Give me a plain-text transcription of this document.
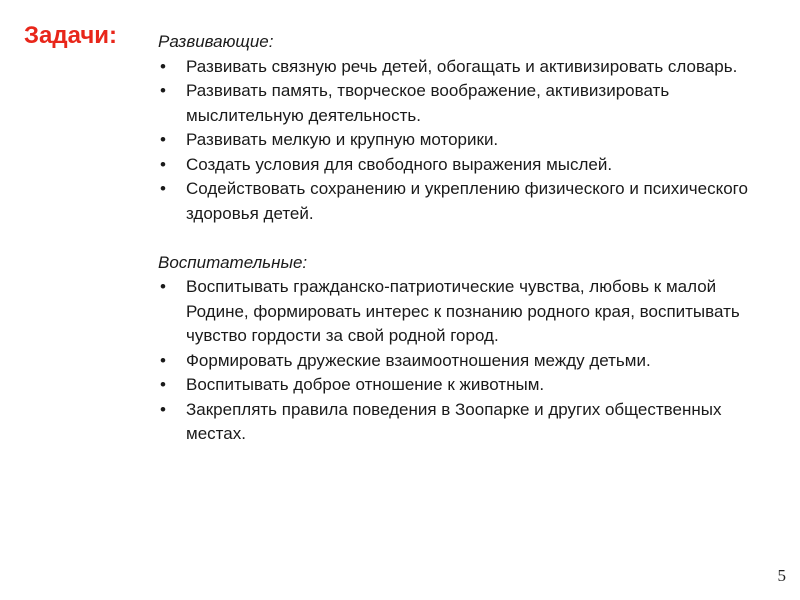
Задачи: Развивающие:

• Развивать связную речь детей, обогащать и активизировать словарь.
• Развивать память, творческое воображение, активизировать мыслительную деятельность.
• Развивать мелкую и крупную моторики.
• Создать условия для свободного выражения мыслей.
• Содействовать сохранению и укреплению физического и психического здоровья детей.

Воспитательные:

• Воспитывать гражданско-патриотические чувства, любовь к малой Родине, формировать интерес к познанию родного края, воспитывать чувство гордости за свой родной город.
• Формировать дружеские взаимоотношения между детьми.
• Воспитывать доброе отношение к животным.
• Закреплять правила поведения в Зоопарке и других общественных местах.
5
